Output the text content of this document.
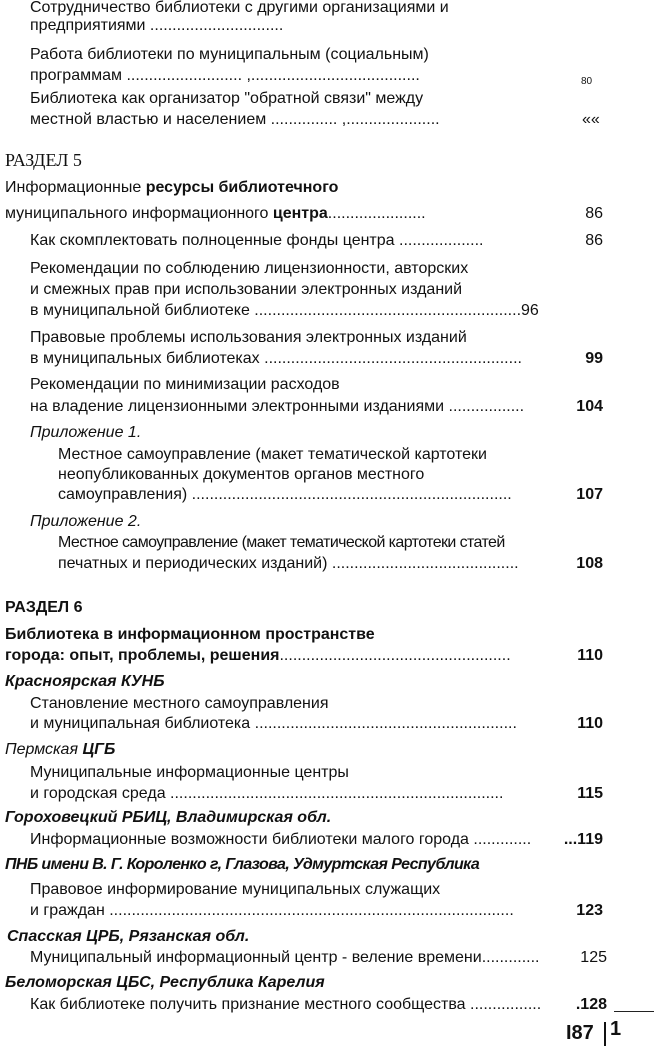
Сотрудничество библиотеки с другими организациями и
предприятиями ..............................
Работа библиотеки по муниципальным (социальным)
программам .......................... ,......................................	80
Библиотека как организатор "обратной связи" между
местной властью и населением ............... ,.....................	««
РАЗДЕЛ 5
Информационные ресурсы библиотечного
муниципального информационного центра......................	86
Как скомплектовать полноценные фонды центра ...................	86
Рекомендации по соблюдению лицензионности, авторских
и смежных прав при использовании электронных изданий
в муниципальной библиотеке ............................................................96
Правовые проблемы использования электронных изданий
в муниципальных библиотеках ..........................................................	99
Рекомендации по минимизации расходов
на владение лицензионными электронными изданиями .................	104
Приложение 1.
Местное самоуправление (макет тематической картотеки
неопубликованных документов органов местного
самоуправления) ........................................................................	107
Приложение 2.
Местное самоуправление (макет тематической картотеки статей
печатных и периодических изданий) ..........................................	108
РАЗДЕЛ 6
Библиотека в информационном пространстве
города: опыт, проблемы, решения....................................................	110
Красноярская КУНБ
Становление местного самоуправления
и муниципальная библиотека ...........................................................	110
Пермская ЦГБ
Муниципальные информационные центры
и городская среда ...........................................................................	115
Гороховецкий РБИЦ, Владимирская обл.
Информационные возможности библиотеки малого города .............	...119
ПНБ имени В. Г. Короленко г, Глазова, Удмуртская Республика
Правовое информирование муниципальных служащих
и граждан ...........................................................................................	123
Спасская ЦРБ, Рязанская обл.
Муниципальный информационный центр - веление времени.............	125
Беломорская ЦБС, Республика Карелия
Как библиотеке получить признание местного сообщества ................	.128
I87 1
